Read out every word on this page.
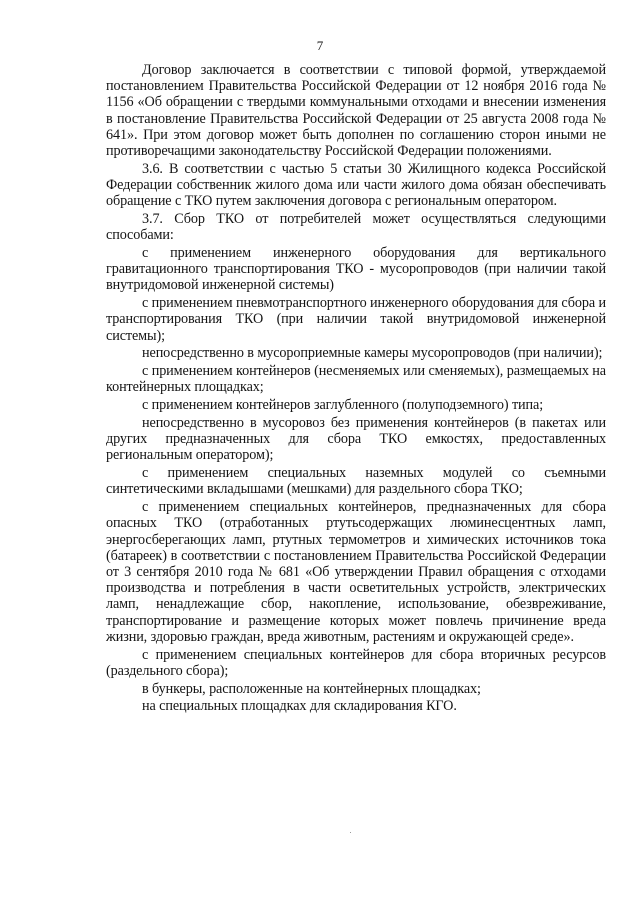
7

Договор заключается в соответствии с типовой формой, утверждаемой постановлением Правительства Российской Федерации от 12 ноября 2016 года № 1156 «Об обращении с твердыми коммунальными отходами и внесении изменения в постановление Правительства Российской Федерации от 25 августа 2008 года № 641». При этом договор может быть дополнен по соглашению сторон иными не противоречащими законодательству Российской Федерации положениями.

3.6. В соответствии с частью 5 статьи 30 Жилищного кодекса Российской Федерации собственник жилого дома или части жилого дома обязан обеспечивать обращение с ТКО путем заключения договора с региональным оператором.

3.7. Сбор ТКО от потребителей может осуществляться следующими способами:

с применением инженерного оборудования для вертикального гравитационного транспортирования ТКО - мусоропроводов (при наличии такой внутридомовой инженерной системы)

с применением пневмотранспортного инженерного оборудования для сбора и транспортирования ТКО (при наличии такой внутридомовой инженерной системы);

непосредственно в мусороприемные камеры мусоропроводов (при наличии);

с применением контейнеров (несменяемых или сменяемых), размещаемых на контейнерных площадках;

с применением контейнеров заглубленного (полуподземного) типа;

непосредственно в мусоровоз без применения контейнеров (в пакетах или других предназначенных для сбора ТКО емкостях, предоставленных региональным оператором);

с применением специальных наземных модулей со съемными синтетическими вкладышами (мешками) для раздельного сбора ТКО;

с применением специальных контейнеров, предназначенных для сбора опасных ТКО (отработанных ртутьсодержащих люминесцентных ламп, энергосберегающих ламп, ртутных термометров и химических источников тока (батареек) в соответствии с постановлением Правительства Российской Федерации от 3 сентября 2010 года № 681 «Об утверждении Правил обращения с отходами производства и потребления в части осветительных устройств, электрических ламп, ненадлежащие сбор, накопление, использование, обезвреживание, транспортирование и размещение которых может повлечь причинение вреда жизни, здоровью граждан, вреда животным, растениям и окружающей среде».

с применением специальных контейнеров для сбора вторичных ресурсов (раздельного сбора);

в бункеры, расположенные на контейнерных площадках;

на специальных площадках для складирования КГО.
